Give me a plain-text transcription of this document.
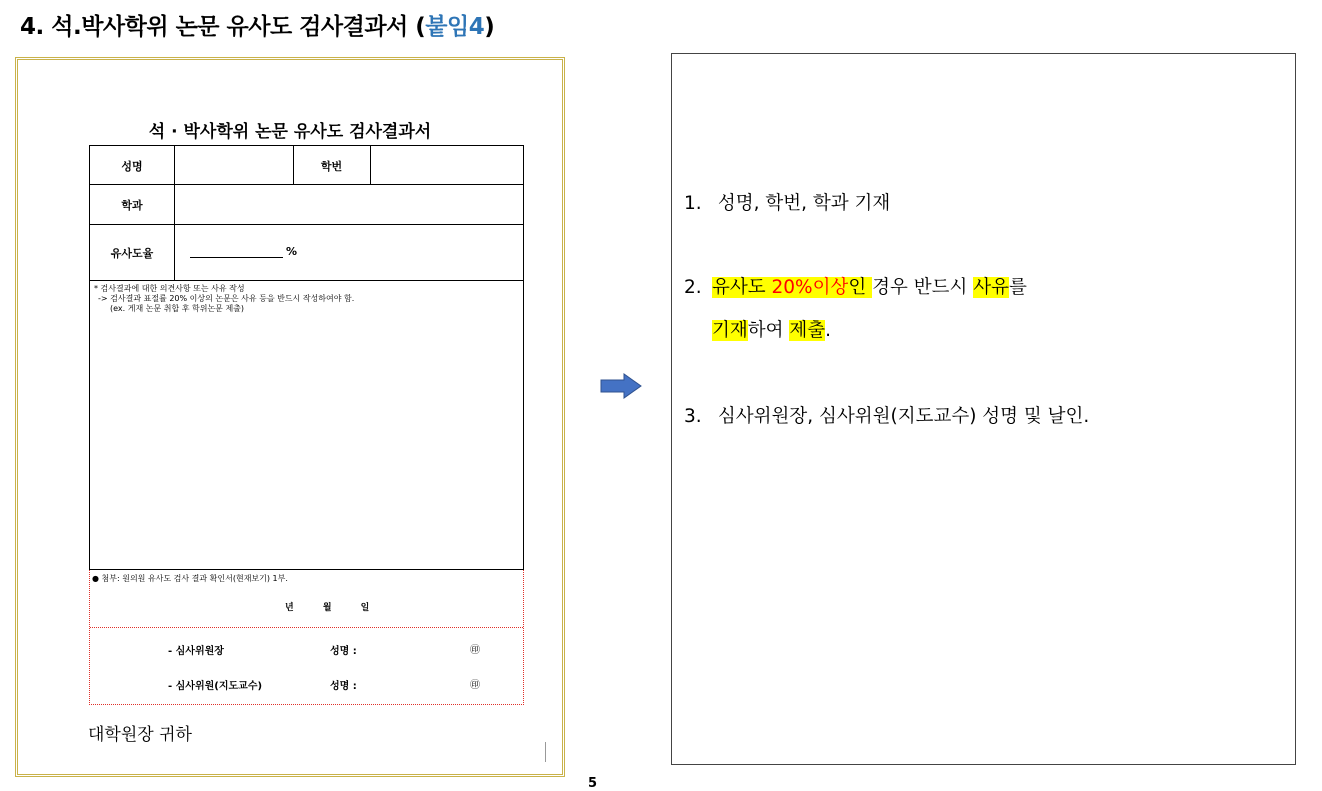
4. 석.박사학위 논문 유사도 검사결과서 (붙임4)
석 · 박사학위 논문 유사도 검사결과서
성명	학번
학과
유사도율	%
* 검사결과에 대한 의견사항 또는 사유 작성
-> 검사결과 표절률 20% 이상의 논문은 사유 등을 반드시 작성하여야 함.
(ex. 게재 논문 취합 후 학위논문 제출)
● 첨부: 원의원 유사도 검사 결과 확인서(현재보기) 1부.
년 월 일
- 심사위원장	성명 :	㊞
- 심사위원(지도교수)	성명 :	㊞
대학원장 귀하
5
1. 성명, 학번, 학과 기재
2. 유사도 20%이상인 경우 반드시 사유를
기재하여 제출.
3. 심사위원장, 심사위원(지도교수) 성명 및 날인.
